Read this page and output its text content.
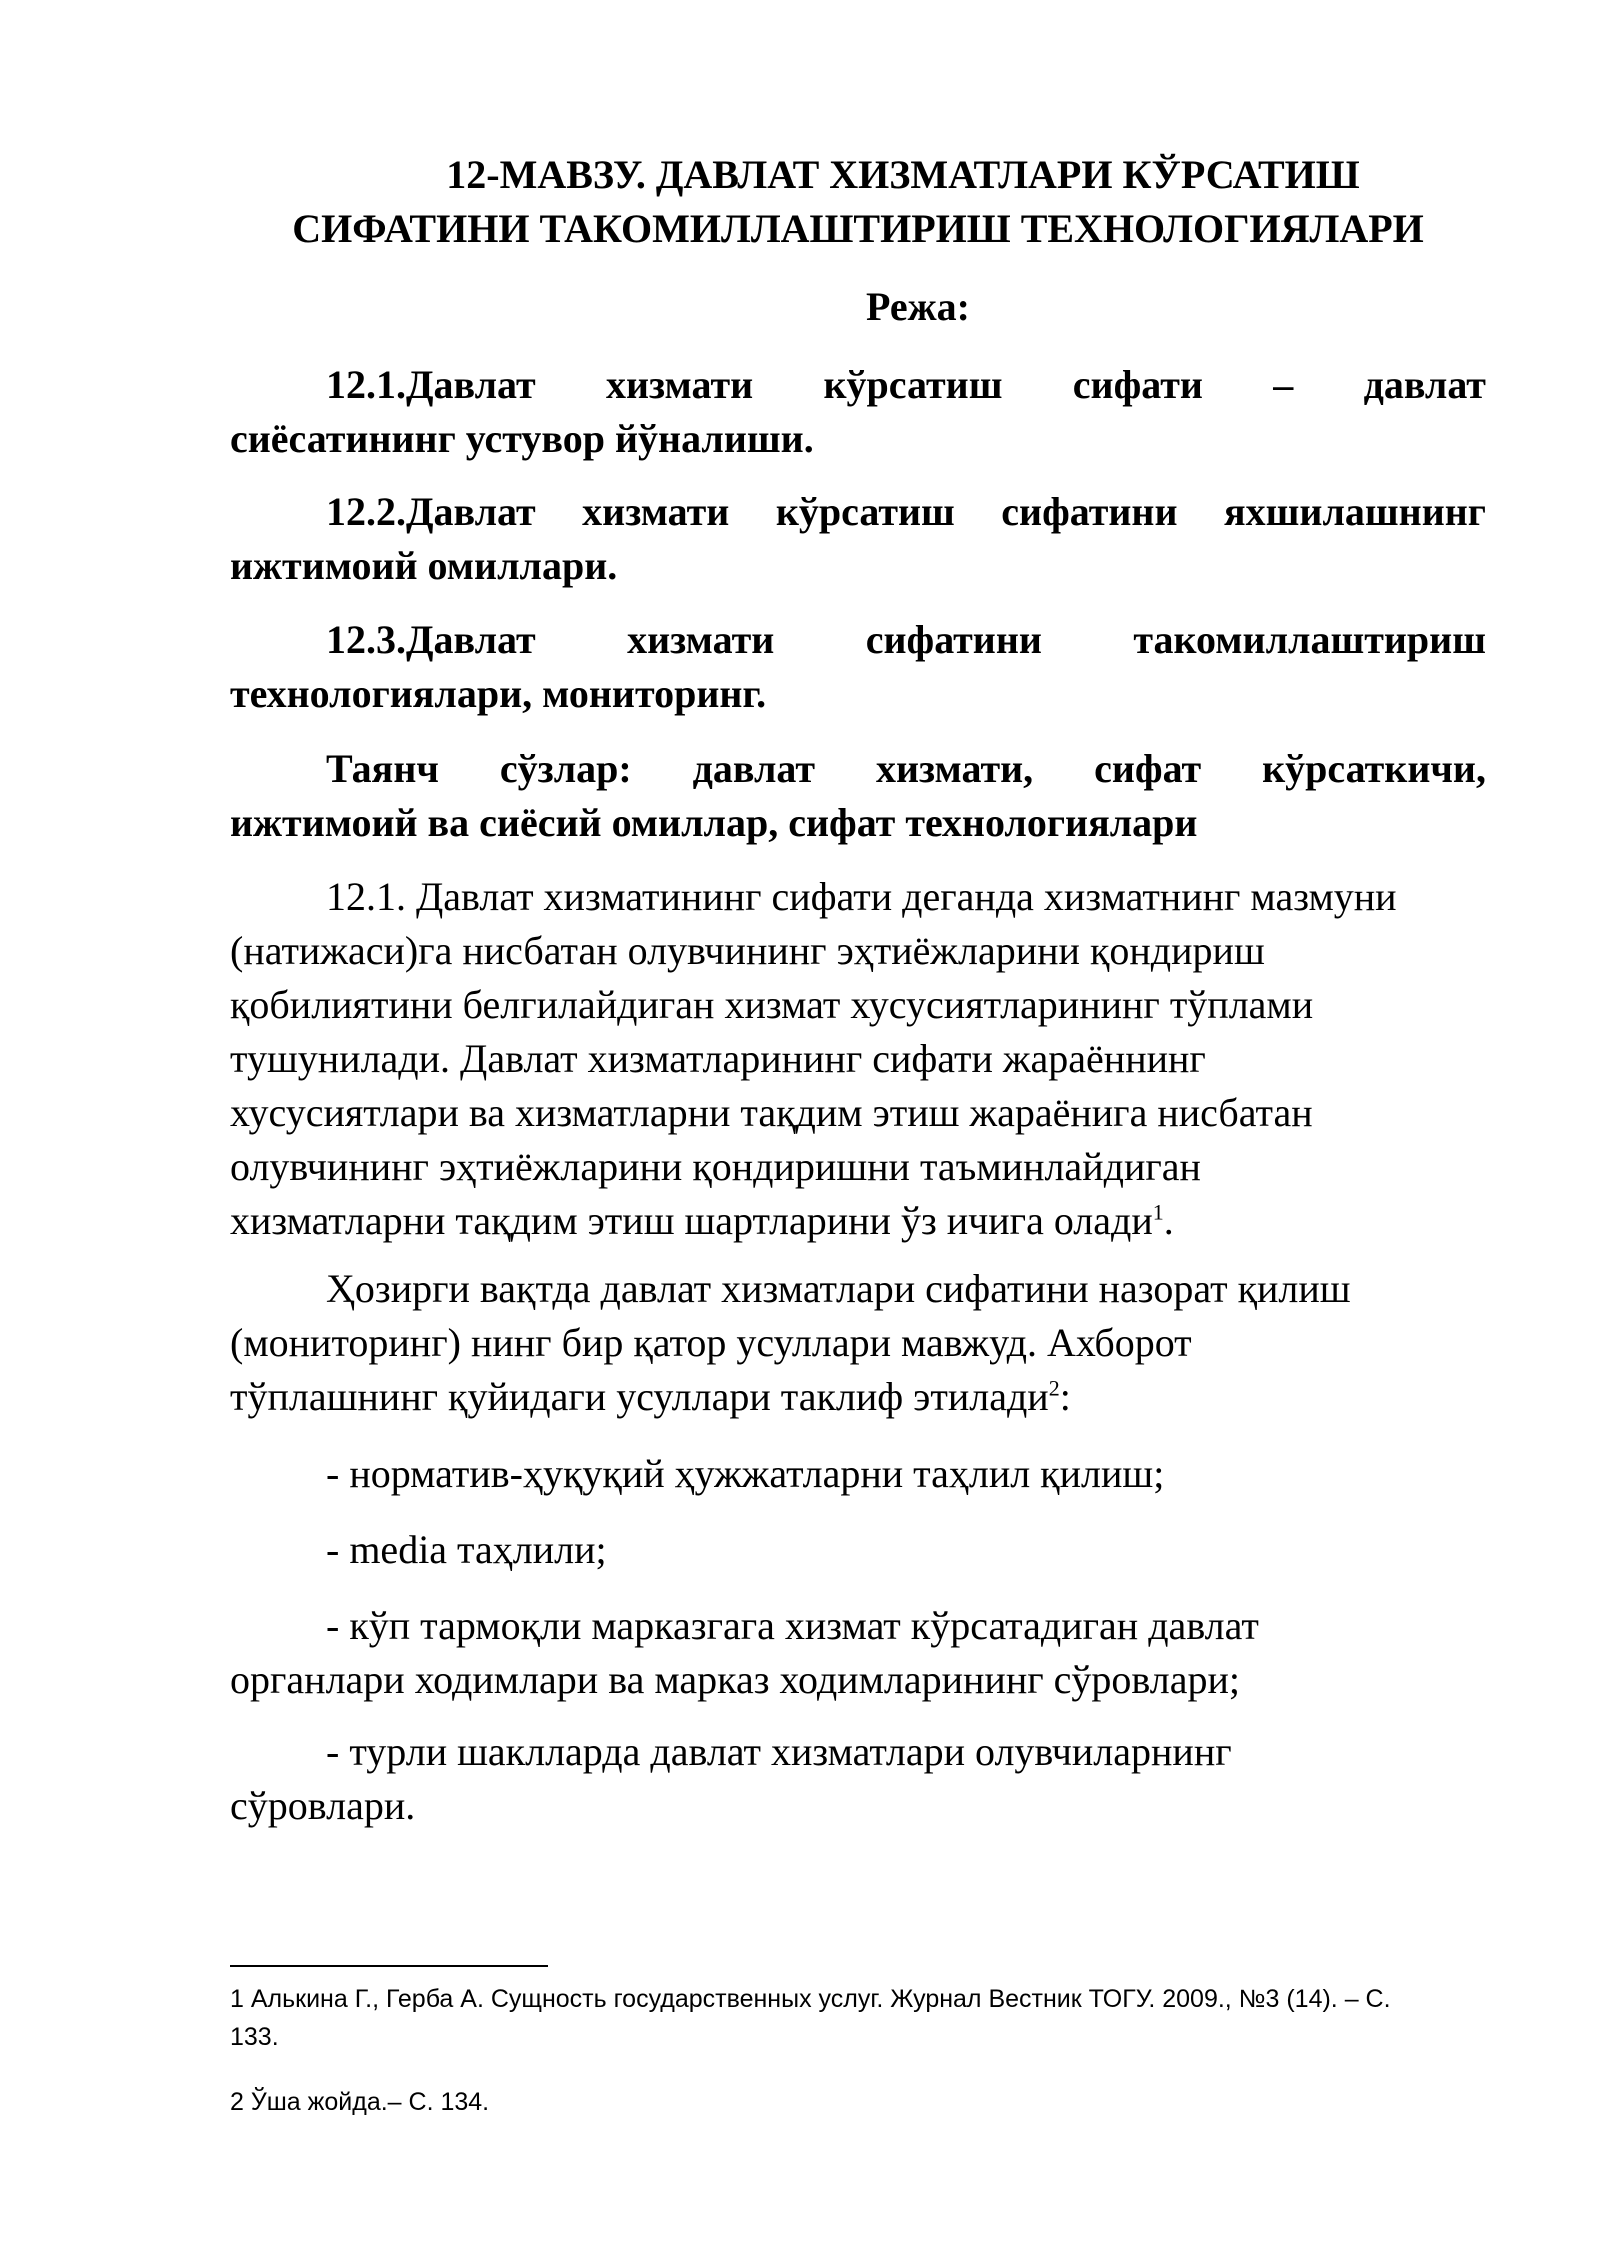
12-МАВЗУ. ДАВЛАТ ХИЗМАТЛАРИ КЎРСАТИШ
СИФАТИНИ ТАКОМИЛЛАШТИРИШ ТЕХНОЛОГИЯЛАРИ
Режа:
12.1.Давлат хизмати кўрсатиш сифати – давлат
сиёсатининг устувор йўналиши.
12.2.Давлат хизмати кўрсатиш сифатини яхшилашнинг
ижтимоий омиллари.
12.3.Давлат хизмати сифатини такомиллаштириш
технологиялари, мониторинг.
Таянч сўзлар: давлат хизмати, сифат кўрсаткичи,
ижтимоий ва сиёсий омиллар, сифат технологиялари
12.1. Давлат хизматининг сифати деганда хизматнинг мазмуни
(натижаси)га нисбатан олувчининг эҳтиёжларини қондириш
қобилиятини белгилайдиган хизмат хусусиятларининг тўплами
тушунилади. Давлат хизматларининг сифати жараённинг
хусусиятлари ва хизматларни тақдим этиш жараёнига нисбатан
олувчининг эҳтиёжларини қондиришни таъминлайдиган
хизматларни тақдим этиш шартларини ўз ичига олади$^1$.
Ҳозирги вақтда давлат хизматлари сифатини назорат қилиш
(мониторинг) нинг бир қатор усуллари мавжуд. Ахборот
тўплашнинг қуйидаги усуллари таклиф этилади$^2$:
- норматив-ҳуқуқий ҳужжатларни таҳлил қилиш;
- media таҳлили;
- кўп тармоқли марказгага хизмат кўрсатадиган давлат
органлари ходимлари ва марказ ходимларининг сўровлари;
- турли шаклларда давлат хизматлари олувчиларнинг
сўровлари.
1 Алькина Г., Герба А. Сущность государственных услуг. Журнал Вестник ТОГУ. 2009., №3 (14). – С.
133.
2 Ўша жойда.– С. 134.
